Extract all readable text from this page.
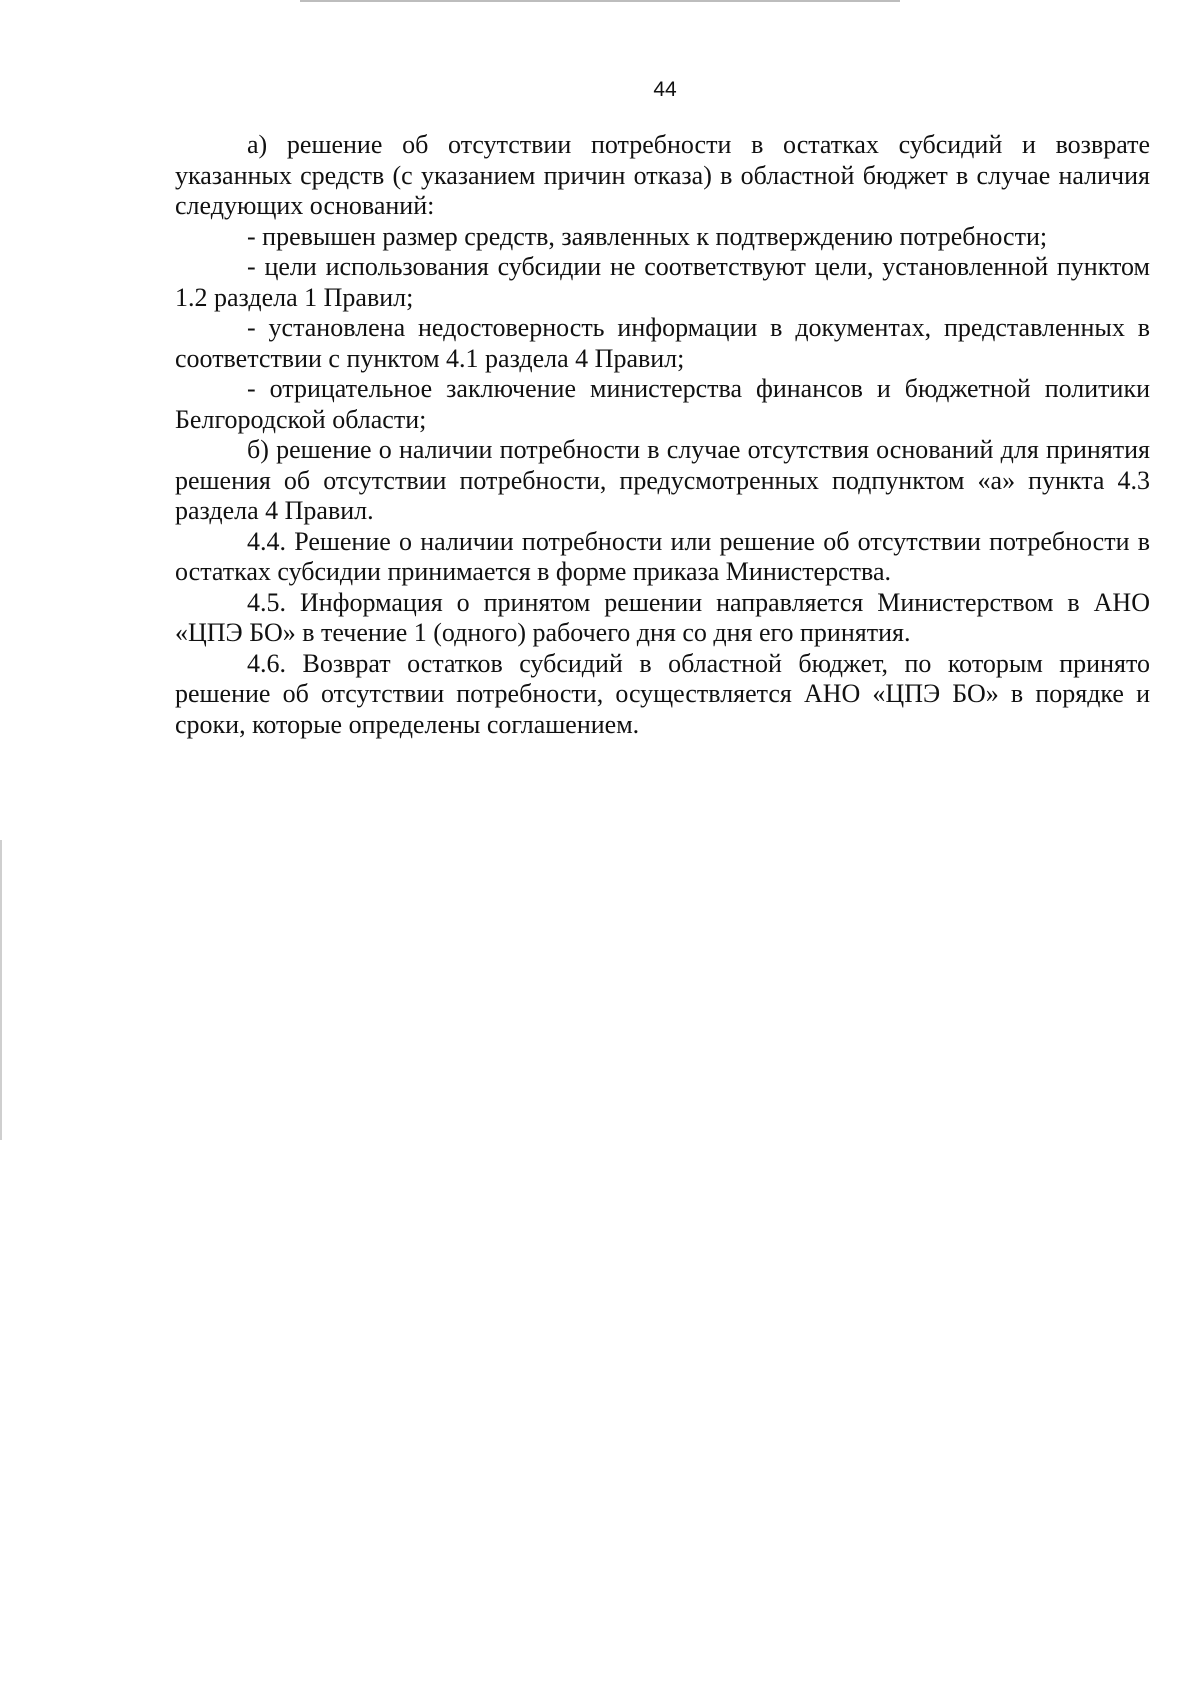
44

а) решение об отсутствии потребности в остатках субсидий и возврате указанных средств (с указанием причин отказа) в областной бюджет в случае наличия следующих оснований:

- превышен размер средств, заявленных к подтверждению потребности;

- цели использования субсидии не соответствуют цели, установленной пунктом 1.2 раздела 1 Правил;

- установлена недостоверность информации в документах, представленных в соответствии с пунктом 4.1 раздела 4 Правил;

- отрицательное заключение министерства финансов и бюджетной политики Белгородской области;

б) решение о наличии потребности в случае отсутствия оснований для принятия решения об отсутствии потребности, предусмотренных подпунктом «а» пункта 4.3 раздела 4 Правил.

4.4. Решение о наличии потребности или решение об отсутствии потребности в остатках субсидии принимается в форме приказа Министерства.

4.5. Информация о принятом решении направляется Министерством в АНО «ЦПЭ БО» в течение 1 (одного) рабочего дня со дня его принятия.

4.6. Возврат остатков субсидий в областной бюджет, по которым принято решение об отсутствии потребности, осуществляется АНО «ЦПЭ БО» в порядке и сроки, которые определены соглашением.
